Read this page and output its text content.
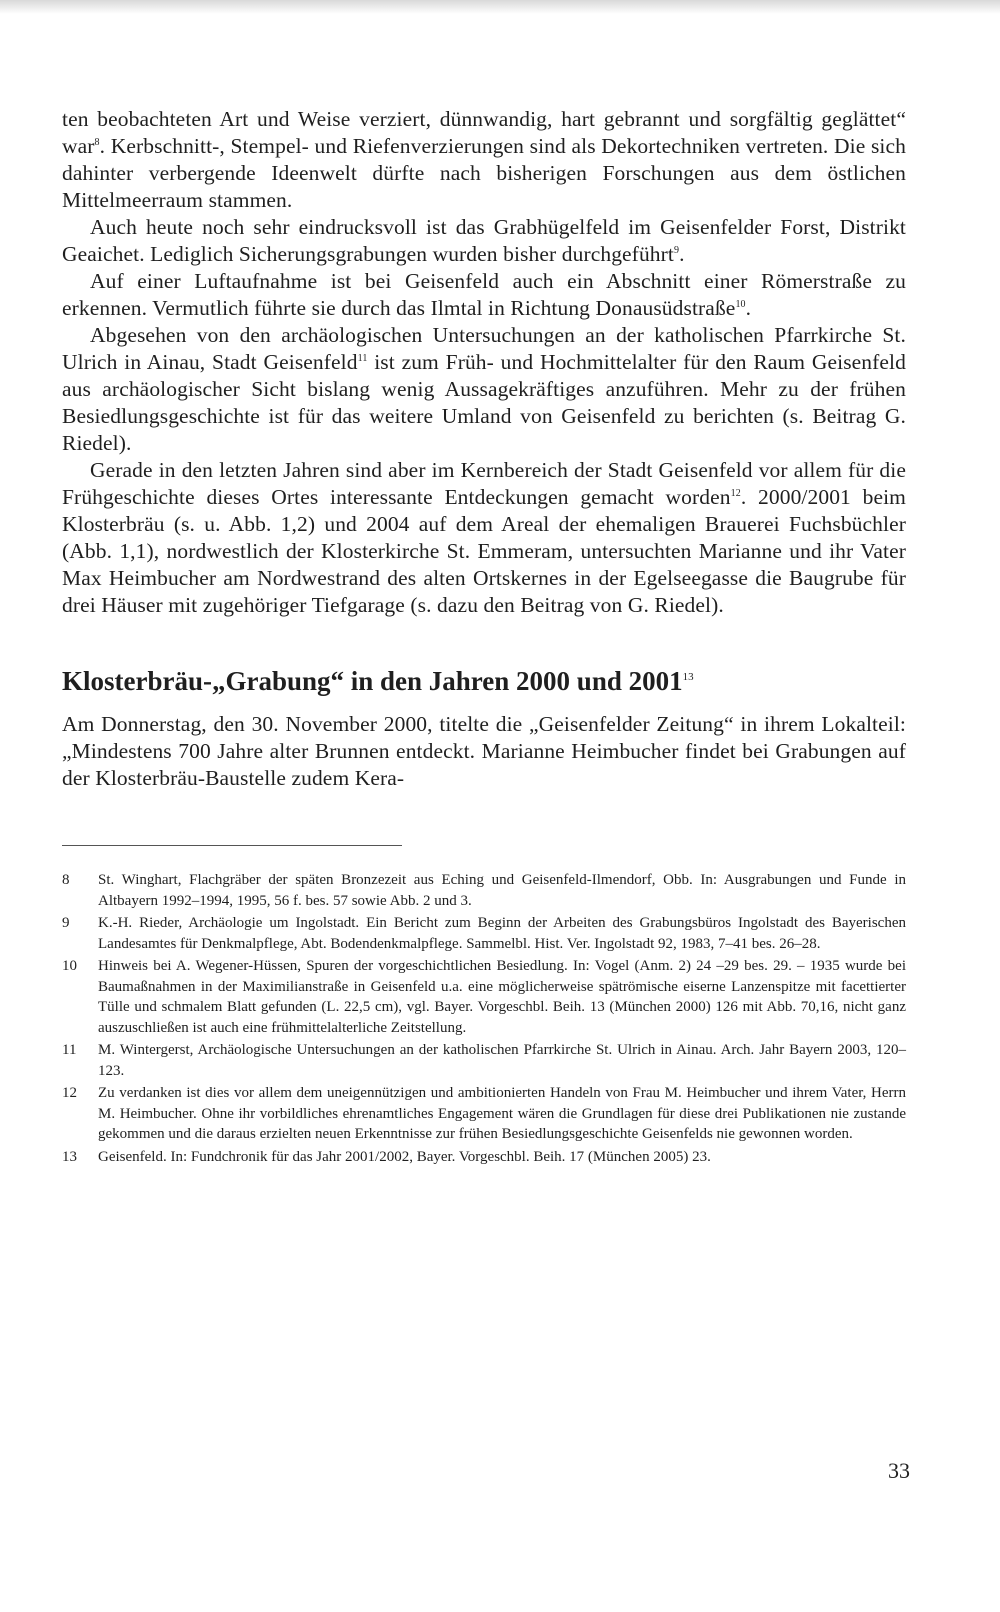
ten beobachteten Art und Weise verziert, dünnwandig, hart gebrannt und sorgfältig geglättet“ war$^8$. Kerbschnitt-, Stempel- und Riefenverzierungen sind als Dekortechniken vertreten. Die sich dahinter verbergende Ideenwelt dürfte nach bisherigen Forschungen aus dem östlichen Mittelmeerraum stammen.

Auch heute noch sehr eindrucksvoll ist das Grabhügelfeld im Geisenfelder Forst, Distrikt Geaichet. Lediglich Sicherungsgrabungen wurden bisher durchgeführt$^9$.

Auf einer Luftaufnahme ist bei Geisenfeld auch ein Abschnitt einer Römerstraße zu erkennen. Vermutlich führte sie durch das Ilmtal in Richtung Donausüdstraße$^{10}$.

Abgesehen von den archäologischen Untersuchungen an der katholischen Pfarrkirche St. Ulrich in Ainau, Stadt Geisenfeld$^{11}$ ist zum Früh- und Hochmittelalter für den Raum Geisenfeld aus archäologischer Sicht bislang wenig Aussagekräftiges anzuführen. Mehr zu der frühen Besiedlungsgeschichte ist für das weitere Umland von Geisenfeld zu berichten (s. Beitrag G. Riedel).

Gerade in den letzten Jahren sind aber im Kernbereich der Stadt Geisenfeld vor allem für die Frühgeschichte dieses Ortes interessante Entdeckungen gemacht worden$^{12}$. 2000/2001 beim Klosterbräu (s. u. Abb. 1,2) und 2004 auf dem Areal der ehemaligen Brauerei Fuchsbüchler (Abb. 1,1), nordwestlich der Klosterkirche St. Emmeram, untersuchten Marianne und ihr Vater Max Heimbucher am Nordwestrand des alten Ortskernes in der Egelseegasse die Baugrube für drei Häuser mit zugehöriger Tiefgarage (s. dazu den Beitrag von G. Riedel).

Klosterbräu-„Grabung“ in den Jahren 2000 und 2001$^{13}$

Am Donnerstag, den 30. November 2000, titelte die „Geisenfelder Zeitung“ in ihrem Lokalteil: „Mindestens 700 Jahre alter Brunnen entdeckt. Marianne Heimbucher findet bei Grabungen auf der Klosterbräu-Baustelle zudem Kera-

8	St. Winghart, Flachgräber der späten Bronzezeit aus Eching und Geisenfeld-Ilmendorf, Obb. In: Ausgrabungen und Funde in Altbayern 1992–1994, 1995, 56 f. bes. 57 sowie Abb. 2 und 3.
9	K.-H. Rieder, Archäologie um Ingolstadt. Ein Bericht zum Beginn der Arbeiten des Grabungsbüros Ingolstadt des Bayerischen Landesamtes für Denkmalpflege, Abt. Bodendenkmalpflege. Sammelbl. Hist. Ver. Ingolstadt 92, 1983, 7–41 bes. 26–28.
10	Hinweis bei A. Wegener-Hüssen, Spuren der vorgeschichtlichen Besiedlung. In: Vogel (Anm. 2) 24 –29 bes. 29. – 1935 wurde bei Baumaßnahmen in der Maximilianstraße in Geisenfeld u.a. eine möglicherweise spätrömische eiserne Lanzenspitze mit facettierter Tülle und schmalem Blatt gefunden (L. 22,5 cm), vgl. Bayer. Vorgeschbl. Beih. 13 (München 2000) 126 mit Abb. 70,16, nicht ganz auszuschließen ist auch eine frühmittelalterliche Zeitstellung.
11	M. Wintergerst, Archäologische Untersuchungen an der katholischen Pfarrkirche St. Ulrich in Ainau. Arch. Jahr Bayern 2003, 120–123.
12	Zu verdanken ist dies vor allem dem uneigennützigen und ambitionierten Handeln von Frau M. Heimbucher und ihrem Vater, Herrn M. Heimbucher. Ohne ihr vorbildliches ehrenamtliches Engagement wären die Grundlagen für diese drei Publikationen nie zustande gekommen und die daraus erzielten neuen Erkenntnisse zur frühen Besiedlungsgeschichte Geisenfelds nie gewonnen worden.
13	Geisenfeld. In: Fundchronik für das Jahr 2001/2002, Bayer. Vorgeschbl. Beih. 17 (München 2005) 23.
33
